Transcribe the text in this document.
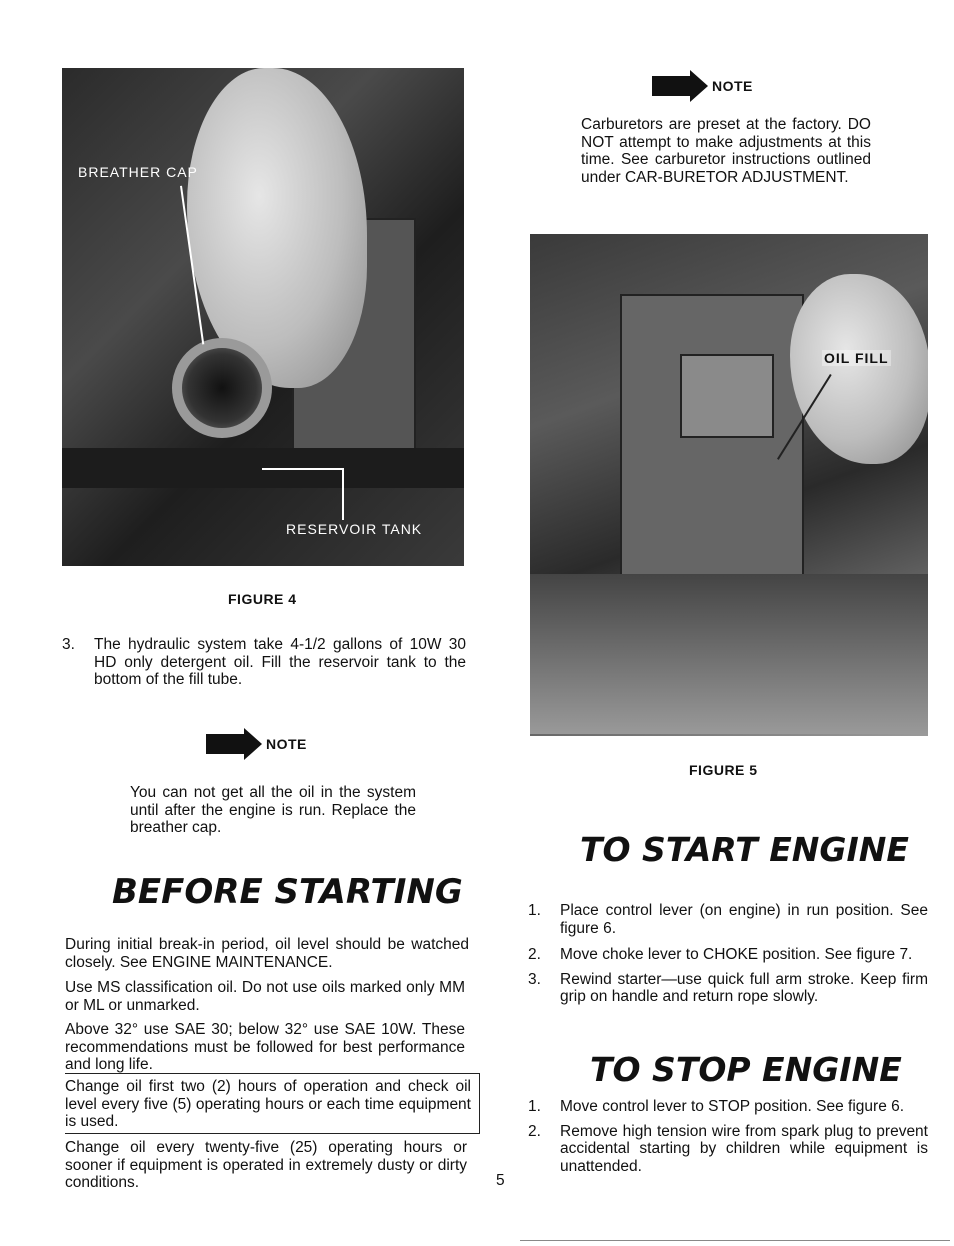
BREATHER CAP
RESERVOIR TANK
FIGURE 4
3. The hydraulic system take 4-1/2 gallons of 10W 30 HD only detergent oil. Fill the reservoir tank to the bottom of the fill tube.
NOTE
You can not get all the oil in the system until after the engine is run. Replace the breather cap.
BEFORE STARTING
During initial break-in period, oil level should be watched closely. See ENGINE MAINTENANCE.
Use MS classification oil. Do not use oils marked only MM or ML or unmarked.
Above 32° use SAE 30; below 32° use SAE 10W. These recommendations must be followed for best performance and long life.
Change oil first two (2) hours of operation and check oil level every five (5) operating hours or each time equipment is used.
Change oil every twenty-five (25) operating hours or sooner if equipment is operated in extremely dusty or dirty conditions.	5
NOTE
Carburetors are preset at the factory. DO NOT attempt to make adjustments at this time. See carburetor instructions outlined under CAR-BURETOR ADJUSTMENT.
OIL FILL
FIGURE 5
TO START ENGINE
1. Place control lever (on engine) in run position. See figure 6.
2. Move choke lever to CHOKE position. See figure 7.
3. Rewind starter—use quick full arm stroke. Keep firm grip on handle and return rope slowly.
TO STOP ENGINE
1. Move control lever to STOP position. See figure 6.
2. Remove high tension wire from spark plug to prevent accidental starting by children while equipment is unattended.
